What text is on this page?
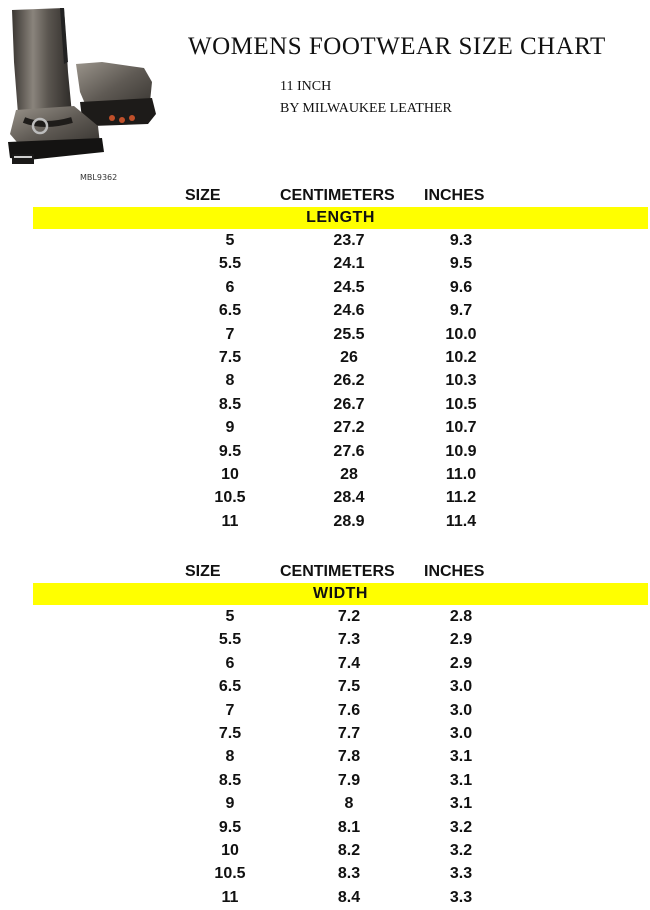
MBL9362
WOMENS FOOTWEAR SIZE CHART
11 INCH
BY MILWAUKEE LEATHER
SIZE	CENTIMETERS INCHES
LENGTH
5	23.7	9.3
5.5	24.1	9.5
6	24.5	9.6
6.5	24.6	9.7
7	25.5	10.0
7.5	26	10.2
8	26.2	10.3
8.5	26.7	10.5
9	27.2	10.7
9.5	27.6	10.9
10	28	11.0
10.5	28.4	11.2
11	28.9	11.4
SIZE	CENTIMETERS INCHES
WIDTH
5	7.2	2.8
5.5	7.3	2.9
6	7.4	2.9
6.5	7.5	3.0
7	7.6	3.0
7.5	7.7	3.0
8	7.8	3.1
8.5	7.9	3.1
9	8	3.1
9.5	8.1	3.2
10	8.2	3.2
10.5	8.3	3.3
11	8.4	3.3
